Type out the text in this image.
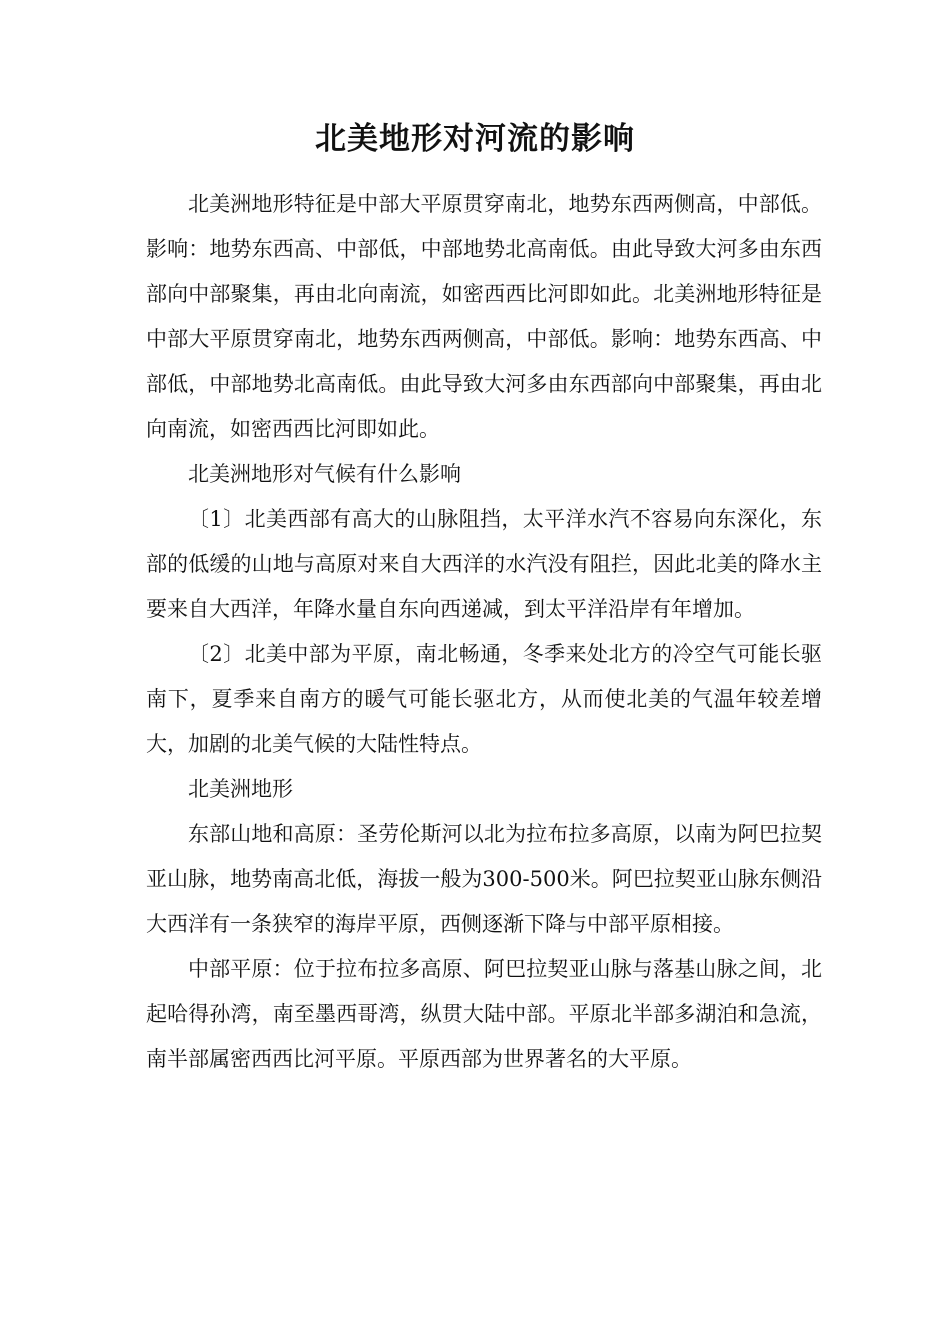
北美地形对河流的影响

北美洲地形特征是中部大平原贯穿南北，地势东西两侧高，中部低。影响：地势东西高、中部低，中部地势北高南低。由此导致大河多由东西部向中部聚集，再由北向南流，如密西西比河即如此。北美洲地形特征是中部大平原贯穿南北，地势东西两侧高，中部低。影响：地势东西高、中部低，中部地势北高南低。由此导致大河多由东西部向中部聚集，再由北向南流，如密西西比河即如此。

北美洲地形对气候有什么影响

〔1〕北美西部有高大的山脉阻挡，太平洋水汽不容易向东深化，东部的低缓的山地与高原对来自大西洋的水汽没有阻拦，因此北美的降水主要来自大西洋，年降水量自东向西递减，到太平洋沿岸有年增加。

〔2〕北美中部为平原，南北畅通，冬季来处北方的冷空气可能长驱南下，夏季来自南方的暖气可能长驱北方，从而使北美的气温年较差增大，加剧的北美气候的大陆性特点。

北美洲地形

东部山地和高原：圣劳伦斯河以北为拉布拉多高原，以南为阿巴拉契亚山脉，地势南高北低，海拔一般为300-500米。阿巴拉契亚山脉东侧沿大西洋有一条狭窄的海岸平原，西侧逐渐下降与中部平原相接。

中部平原：位于拉布拉多高原、阿巴拉契亚山脉与落基山脉之间，北起哈得孙湾，南至墨西哥湾，纵贯大陆中部。平原北半部多湖泊和急流，南半部属密西西比河平原。平原西部为世界著名的大平原。
